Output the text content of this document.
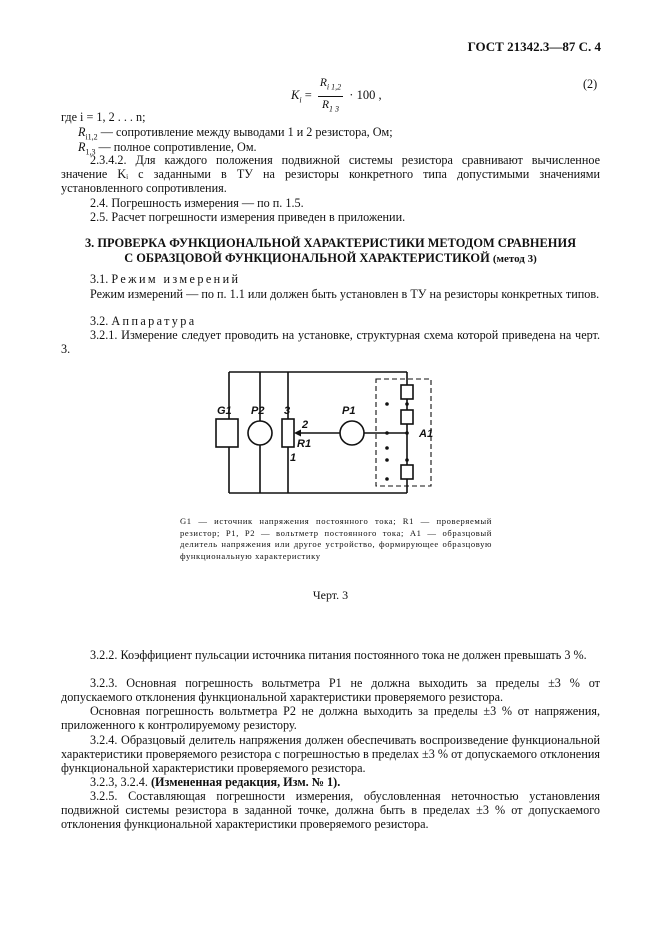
ГОСТ 21342.3—87 С. 4
$K_i = \frac{R_{i 1,2}}{R_{1 3}} \cdot 100$ ,
(2)
где i = 1, 2 . . . n;
$R_{i1,2}$ — сопротивление между выводами 1 и 2 резистора, Ом;
$R_{1,3}$ — полное сопротивление, Ом.

2.3.4.2. Для каждого положения подвижной системы резистора сравнивают вычисленное значение Kᵢ с заданными в ТУ на резисторы конкретного типа допустимыми значениями установленного сопротивления.

2.4. Погрешность измерения — по п. 1.5.

2.5. Расчет погрешности измерения приведен в приложении.

3. ПРОВЕРКА ФУНКЦИОНАЛЬНОЙ ХАРАКТЕРИСТИКИ МЕТОДОМ СРАВНЕНИЯ
С ОБРАЗЦОВОЙ ФУНКЦИОНАЛЬНОЙ ХАРАКТЕРИСТИКОЙ (метод 3)
3.1. Режим измерений

Режим измерений — по п. 1.1 или должен быть установлен в ТУ на резисторы конкретных типов.

3.2. Аппаратура

3.2.1. Измерение следует проводить на установке, структурная схема которой приведена на черт. 3.

G1 P2 3
2
R1
1
P1
A1

G1 — источник напряжения постоянного тока; R1 — проверяемый резистор; P1, P2 — вольтметр постоянного тока; A1 — образцовый делитель напряжения или другое устройство, формирующее образцовую функциональную характеристику

Черт. 3

3.2.2. Коэффициент пульсации источника питания постоянного тока не должен превышать 3 %.

3.2.3. Основная погрешность вольтметра P1 не должна выходить за пределы ±3 % от допускаемого отклонения функциональной характеристики проверяемого резистора.

Основная погрешность вольтметра P2 не должна выходить за пределы ±3 % от напряжения, приложенного к контролируемому резистору.

3.2.4. Образцовый делитель напряжения должен обеспечивать воспроизведение функциональной характеристики проверяемого резистора с погрешностью в пределах ±3 % от допускаемого отклонения функциональной характеристики проверяемого резистора.

3.2.3, 3.2.4. (Измененная редакция, Изм. № 1).

3.2.5. Составляющая погрешности измерения, обусловленная неточностью установления подвижной системы резистора в заданной точке, должна быть в пределах ±3 % от допускаемого отклонения функциональной характеристики проверяемого резистора.
